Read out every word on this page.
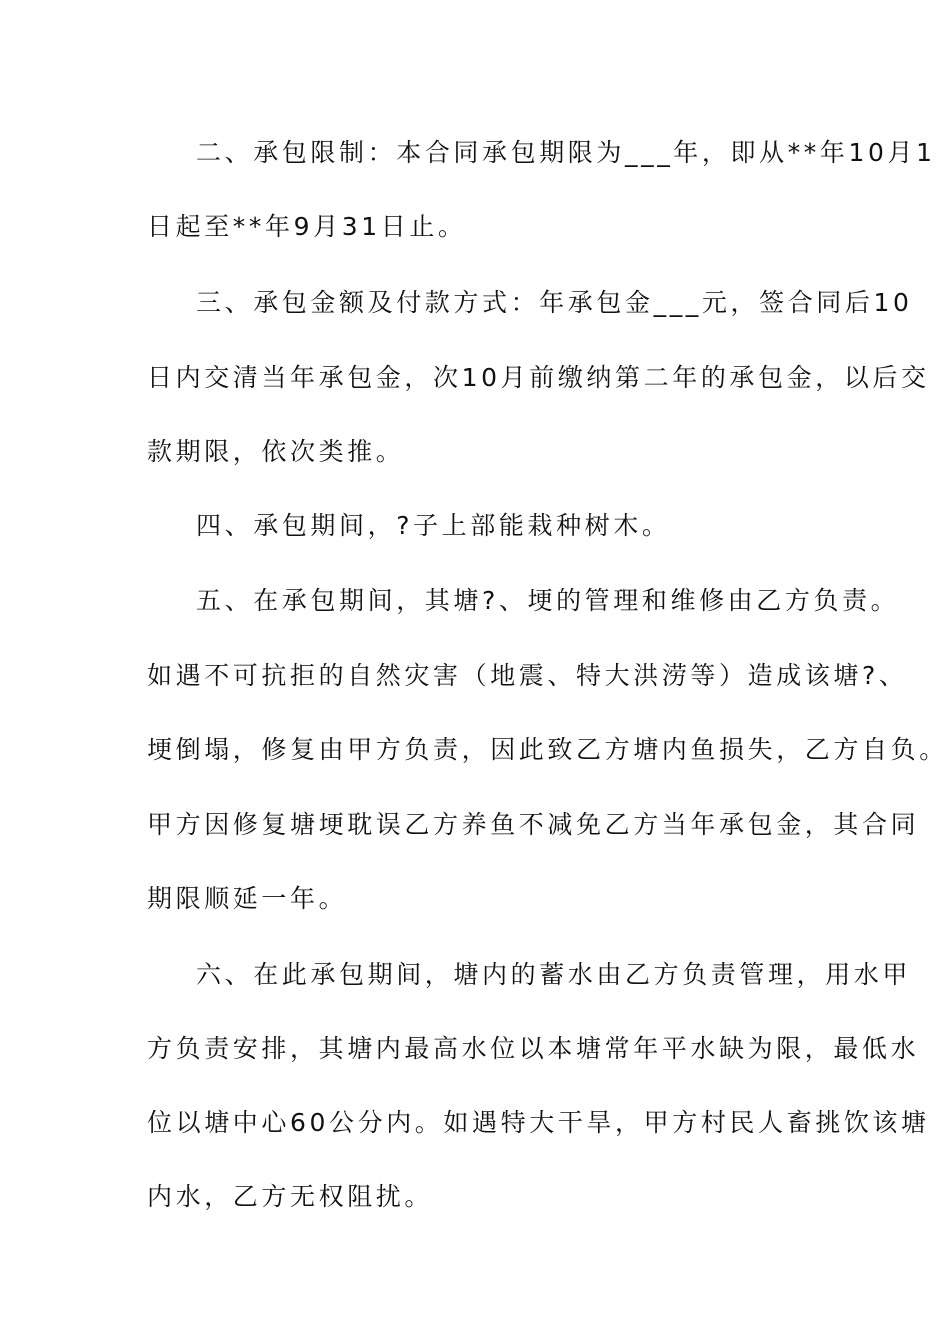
二、承包限制：本合同承包期限为___年，即从**年10月1
日起至**年9月31日止。
三、承包金额及付款方式：年承包金___元，签合同后10
日内交清当年承包金，次10月前缴纳第二年的承包金，以后交
款期限，依次类推。
四、承包期间，?子上部能栽种树木。
五、在承包期间，其塘?、埂的管理和维修由乙方负责。
如遇不可抗拒的自然灾害（地震、特大洪涝等）造成该塘?、
埂倒塌，修复由甲方负责，因此致乙方塘内鱼损失，乙方自负。
甲方因修复塘埂耽误乙方养鱼不减免乙方当年承包金，其合同
期限顺延一年。
六、在此承包期间，塘内的蓄水由乙方负责管理，用水甲
方负责安排，其塘内最高水位以本塘常年平水缺为限，最低水
位以塘中心60公分内。如遇特大干旱，甲方村民人畜挑饮该塘
内水，乙方无权阻扰。
